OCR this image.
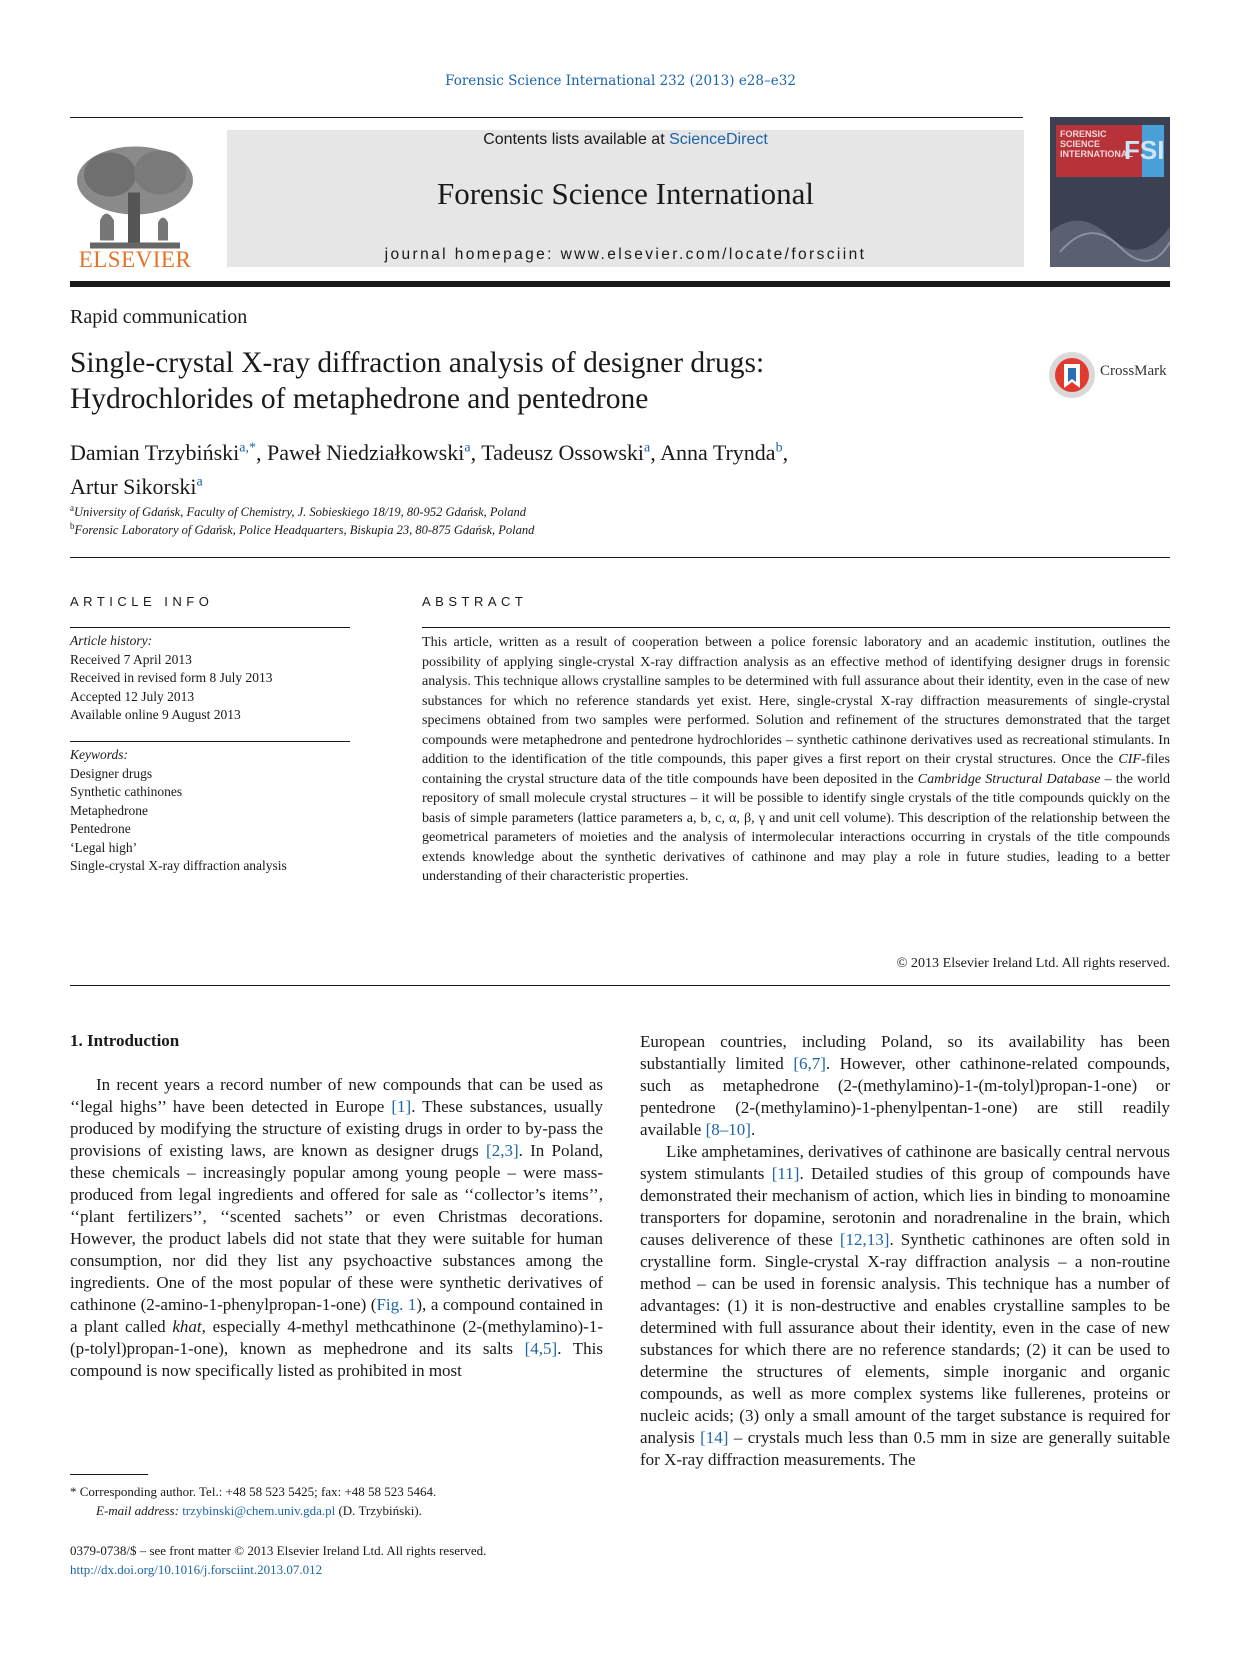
Forensic Science International 232 (2013) e28–e32
ELSEVIER
Contents lists available at ScienceDirect
Forensic Science International
journal homepage: www.elsevier.com/locate/forsciint
FORENSIC SCIENCE INTERNATIONAL
FSI
Rapid communication
Single-crystal X-ray diffraction analysis of designer drugs:
Hydrochlorides of metaphedrone and pentedrone
CrossMark
Damian Trzybiński$^{a,*}$, Paweł Niedziałkowski$^a$, Tadeusz Ossowski$^a$, Anna Trynda$^b$,
Artur Sikorski$^a$
$^a$University of Gdańsk, Faculty of Chemistry, J. Sobieskiego 18/19, 80-952 Gdańsk, Poland
$^b$Forensic Laboratory of Gdańsk, Police Headquarters, Biskupia 23, 80-875 Gdańsk, Poland
ARTICLE INFO
Article history:
Received 7 April 2013
Received in revised form 8 July 2013
Accepted 12 July 2013
Available online 9 August 2013
Keywords:
Designer drugs
Synthetic cathinones
Metaphedrone
Pentedrone
‘Legal high’
Single-crystal X-ray diffraction analysis
ABSTRACT
This article, written as a result of cooperation between a police forensic laboratory and an academic institution, outlines the possibility of applying single-crystal X-ray diffraction analysis as an effective method of identifying designer drugs in forensic analysis. This technique allows crystalline samples to be determined with full assurance about their identity, even in the case of new substances for which no reference standards yet exist. Here, single-crystal X-ray diffraction measurements of single-crystal specimens obtained from two samples were performed. Solution and refinement of the structures demonstrated that the target compounds were metaphedrone and pentedrone hydrochlorides – synthetic cathinone derivatives used as recreational stimulants. In addition to the identification of the title compounds, this paper gives a first report on their crystal structures. Once the CIF-files containing the crystal structure data of the title compounds have been deposited in the Cambridge Structural Database – the world repository of small molecule crystal structures – it will be possible to identify single crystals of the title compounds quickly on the basis of simple parameters (lattice parameters a, b, c, α, β, γ and unit cell volume). This description of the relationship between the geometrical parameters of moieties and the analysis of intermolecular interactions occurring in crystals of the title compounds extends knowledge about the synthetic derivatives of cathinone and may play a role in future studies, leading to a better understanding of their characteristic properties.
© 2013 Elsevier Ireland Ltd. All rights reserved.
1. Introduction

In recent years a record number of new compounds that can be used as ‘‘legal highs’’ have been detected in Europe [1]. These substances, usually produced by modifying the structure of existing drugs in order to by-pass the provisions of existing laws, are known as designer drugs [2,3]. In Poland, these chemicals – increasingly popular among young people – were mass-produced from legal ingredients and offered for sale as ‘‘collector’s items’’, ‘‘plant fertilizers’’, ‘‘scented sachets’’ or even Christmas decorations. However, the product labels did not state that they were suitable for human consumption, nor did they list any psychoactive substances among the ingredients. One of the most popular of these were synthetic derivatives of cathinone (2-amino-1-phenylpropan-1-one) (Fig. 1), a compound contained in a plant called khat, especially 4-methyl methcathinone (2-(methylamino)-1-(p-tolyl)propan-1-one), known as mephedrone and its salts [4,5]. This compound is now specifically listed as prohibited in most

European countries, including Poland, so its availability has been substantially limited [6,7]. However, other cathinone-related compounds, such as metaphedrone (2-(methylamino)-1-(m-tolyl)propan-1-one) or pentedrone (2-(methylamino)-1-phenylpentan-1-one) are still readily available [8–10].

Like amphetamines, derivatives of cathinone are basically central nervous system stimulants [11]. Detailed studies of this group of compounds have demonstrated their mechanism of action, which lies in binding to monoamine transporters for dopamine, serotonin and noradrenaline in the brain, which causes deliverence of these [12,13]. Synthetic cathinones are often sold in crystalline form. Single-crystal X-ray diffraction analysis – a non-routine method – can be used in forensic analysis. This technique has a number of advantages: (1) it is non-destructive and enables crystalline samples to be determined with full assurance about their identity, even in the case of new substances for which there are no reference standards; (2) it can be used to determine the structures of elements, simple inorganic and organic compounds, as well as more complex systems like fullerenes, proteins or nucleic acids; (3) only a small amount of the target substance is required for analysis [14] – crystals much less than 0.5 mm in size are generally suitable for X-ray diffraction measurements. The

* Corresponding author. Tel.: +48 58 523 5425; fax: +48 58 523 5464.
E-mail address: trzybinski@chem.univ.gda.pl (D. Trzybiński).
0379-0738/$ – see front matter © 2013 Elsevier Ireland Ltd. All rights reserved.
http://dx.doi.org/10.1016/j.forsciint.2013.07.012
